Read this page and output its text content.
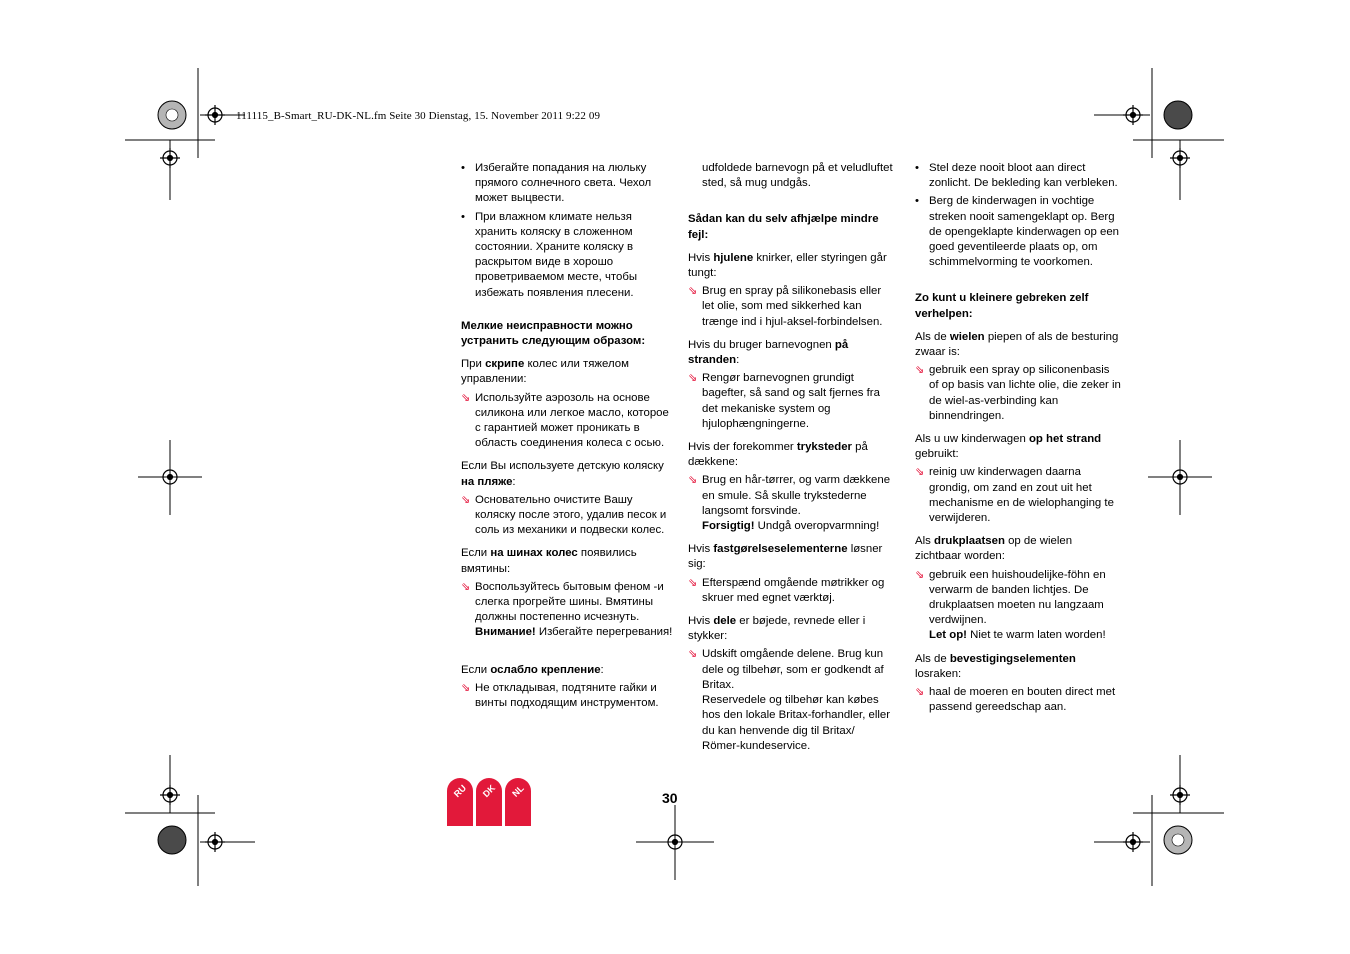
111115_B-Smart_RU-DK-NL.fm Seite 30 Dienstag, 15. November 2011 9:22 09
• Избегайте попадания на люльку прямого солнечного света. Чехол может выцвести.
• При влажном климате нельзя хранить коляску в сложенном состоянии. Храните коляску в раскрытом виде в хорошо проветриваемом месте, чтобы избежать появления плесени.

Мелкие неисправности можно устранить следующим образом:

При скрипе колес или тяжелом управлении:

⇘ Используйте аэрозоль на основе силикона или легкое масло, которое с гарантией может проникать в область соединения колеса с осью.

Если Вы используете детскую коляску на пляже:

⇘ Основательно очистите Вашу коляску после этого, удалив песок и соль из механики и подвески колес.

Если на шинах колес появились вмятины:

⇘ Воспользуйтесь бытовым феном -и слегка прогрейте шины. Вмятины должны постепенно исчезнуть.
Внимание! Избегайте перегревания!

Если ослабло крепление:

⇘ Не откладывая, подтяните гайки и винты подходящим инструментом.

udfoldede barnevogn på et veludluftet sted, så mug undgås.

Sådan kan du selv afhjælpe mindre fejl:

Hvis hjulene knirker, eller styringen går tungt:

⇘ Brug en spray på silikonebasis eller let olie, som med sikkerhed kan trænge ind i hjul-aksel-forbindelsen.

Hvis du bruger barnevognen på stranden:

⇘ Rengør barnevognen grundigt bagefter, så sand og salt fjernes fra det mekaniske system og hjulophængningerne.

Hvis der forekommer tryksteder på dækkene:

⇘ Brug en hår-tørrer, og varm dækkene en smule. Så skulle trykstederne langsomt forsvinde.
Forsigtig! Undgå overopvarmning!

Hvis fastgørelseselementerne løsner sig:

⇘ Efterspænd omgående møtrikker og skruer med egnet værktøj.

Hvis dele er bøjede, revnede eller i stykker:

⇘ Udskift omgående delene. Brug kun dele og tilbehør, som er godkendt af Britax.
Reservedele og tilbehør kan købes hos den lokale Britax-forhandler, eller du kan henvende dig til Britax/ Römer-kundeservice.
• Stel deze nooit bloot aan direct zonlicht. De bekleding kan verbleken.
• Berg de kinderwagen in vochtige streken nooit samengeklapt op. Berg de opengeklapte kinderwagen op een goed geventileerde plaats op, om schimmelvorming te voorkomen.

Zo kunt u kleinere gebreken zelf verhelpen:

Als de wielen piepen of als de besturing zwaar is:

⇘ gebruik een spray op siliconenbasis of op basis van lichte olie, die zeker in de wiel-as-verbinding kan binnendringen.

Als u uw kinderwagen op het strand gebruikt:

⇘ reinig uw kinderwagen daarna grondig, om zand en zout uit het mechanisme en de wielophanging te verwijderen.

Als drukplaatsen op de wielen zichtbaar worden:

⇘ gebruik een huishoudelijke-föhn en verwarm de banden lichtjes. De drukplaatsen moeten nu langzaam verdwijnen.
Let op! Niet te warm laten worden!

Als de bevestigingselementen losraken:

⇘ haal de moeren en bouten direct met passend gereedschap aan.
RU DK	NL	30
